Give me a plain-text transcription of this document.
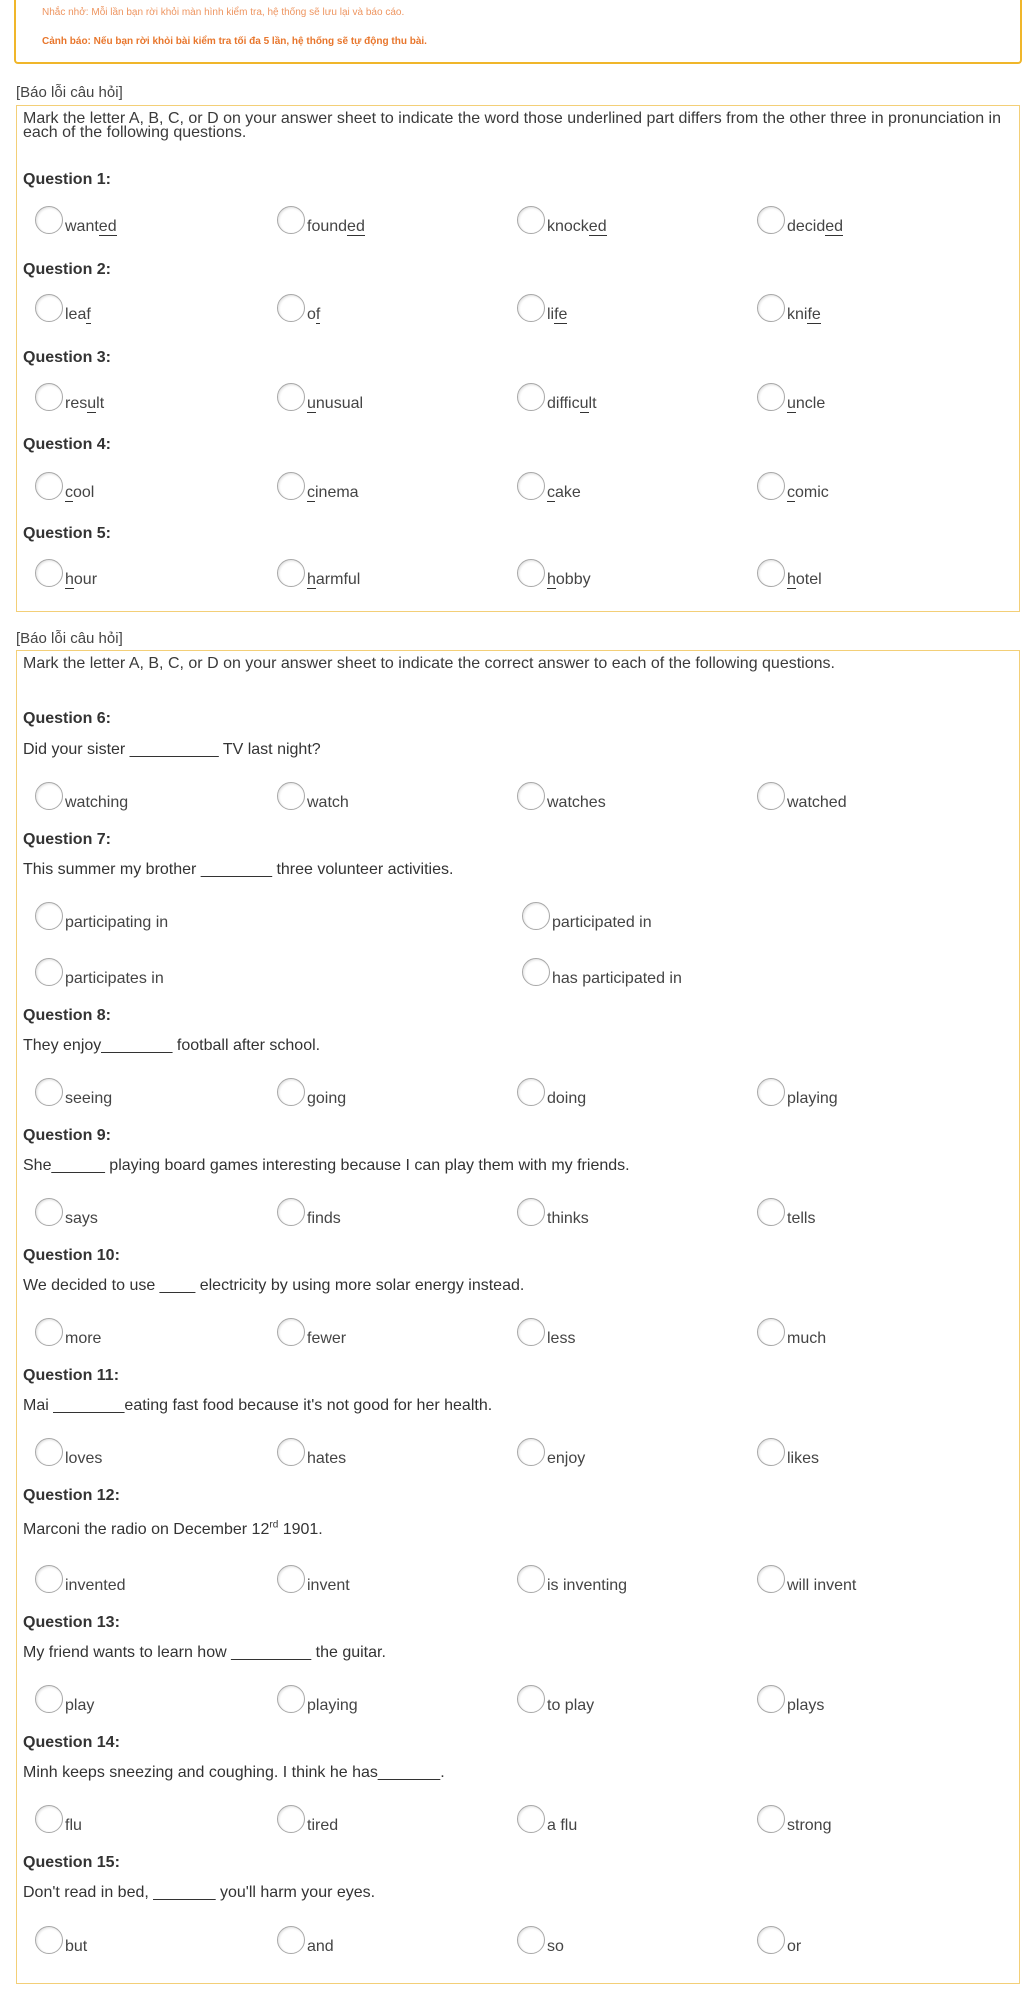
Nhắc nhở: Mỗi lần bạn rời khỏi màn hình kiểm tra, hệ thống sẽ lưu lại và báo cáo.
Cảnh báo: Nếu bạn rời khỏi bài kiểm tra tối đa 5 lần, hệ thống sẽ tự động thu bài.
[Báo lỗi câu hỏi]
Mark the letter A, B, C, or D on your answer sheet to indicate the word those underlined part differs from the other three in pronunciation in each of the following questions.
Question 1:
wanted	founded	knocked	decided
Question 2:
leaf	of	life	knife
Question 3:
result	unusual	difficult	uncle
Question 4:
cool	cinema	cake	comic
Question 5:
hour	harmful	hobby	hotel
[Báo lỗi câu hỏi]
Mark the letter A, B, C, or D on your answer sheet to indicate the correct answer to each of the following questions.
Question 6:
Did your sister __________ TV last night?
watching	watch	watches	watched
Question 7:
This summer my brother ________ three volunteer activities.
participating in	participated in
participates in	has participated in
Question 8:
They enjoy________ football after school.
seeing	going	doing	playing
Question 9:
She______ playing board games interesting because I can play them with my friends.
says	finds	thinks	tells
Question 10:
We decided to use ____ electricity by using more solar energy instead.
more	fewer	less	much
Question 11:
Mai ________eating fast food because it's not good for her health.
loves	hates	enjoy	likes
Question 12:
Marconi the radio on December 12rd 1901.
invented	invent	is inventing	will invent
Question 13:
My friend wants to learn how _________ the guitar.
play	playing	to play	plays
Question 14:
Minh keeps sneezing and coughing. I think he has_______.
flu	tired	a flu	strong
Question 15:
Don't read in bed, _______ you'll harm your eyes.
but	and	so	or
